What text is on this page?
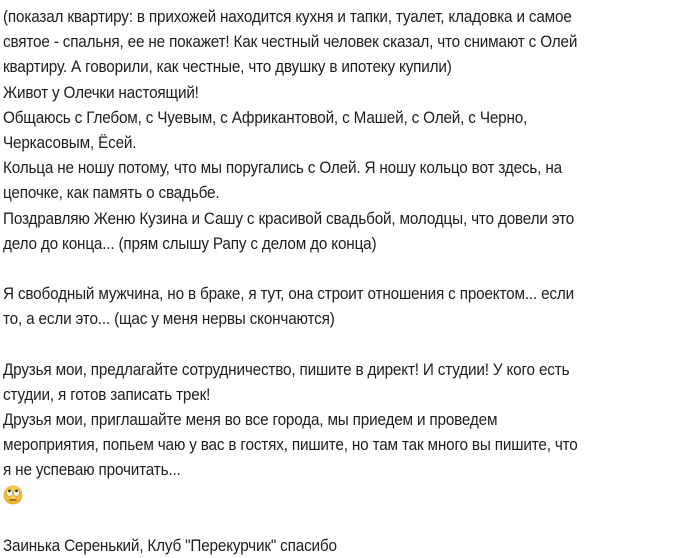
(показал квартиру: в прихожей находится кухня и тапки, туалет, кладовка и самое
святое - спальня, ее не покажет! Как честный человек сказал, что снимают с Олей
квартиру. А говорили, как честные, что двушку в ипотеку купили)
Живот у Олечки настоящий!
Общаюсь с Глебом, с Чуевым, с Африкантовой, с Машей, с Олей, с Черно,
Черкасовым, Ёсей.
Кольца не ношу потому, что мы поругались с Олей. Я ношу кольцо вот здесь, на
цепочке, как память о свадьбе.
Поздравляю Женю Кузина и Сашу с красивой свадьбой, молодцы, что довели это
дело до конца... (прям слышу Рапу с делом до конца)
Я свободный мужчина, но в браке, я тут, она строит отношения с проектом... если
то, а если это... (щас у меня нервы скончаются)
Друзья мои, предлагайте сотрудничество, пишите в директ! И студии! У кого есть
студии, я готов записать трек!
Друзья мои, приглашайте меня во все города, мы приедем и проведем
мероприятия, попьем чаю у вас в гостях, пишите, но там так много вы пишите, что
я не успеваю прочитать...
Заинька Серенький, Клуб "Перекурчик" спасибо
